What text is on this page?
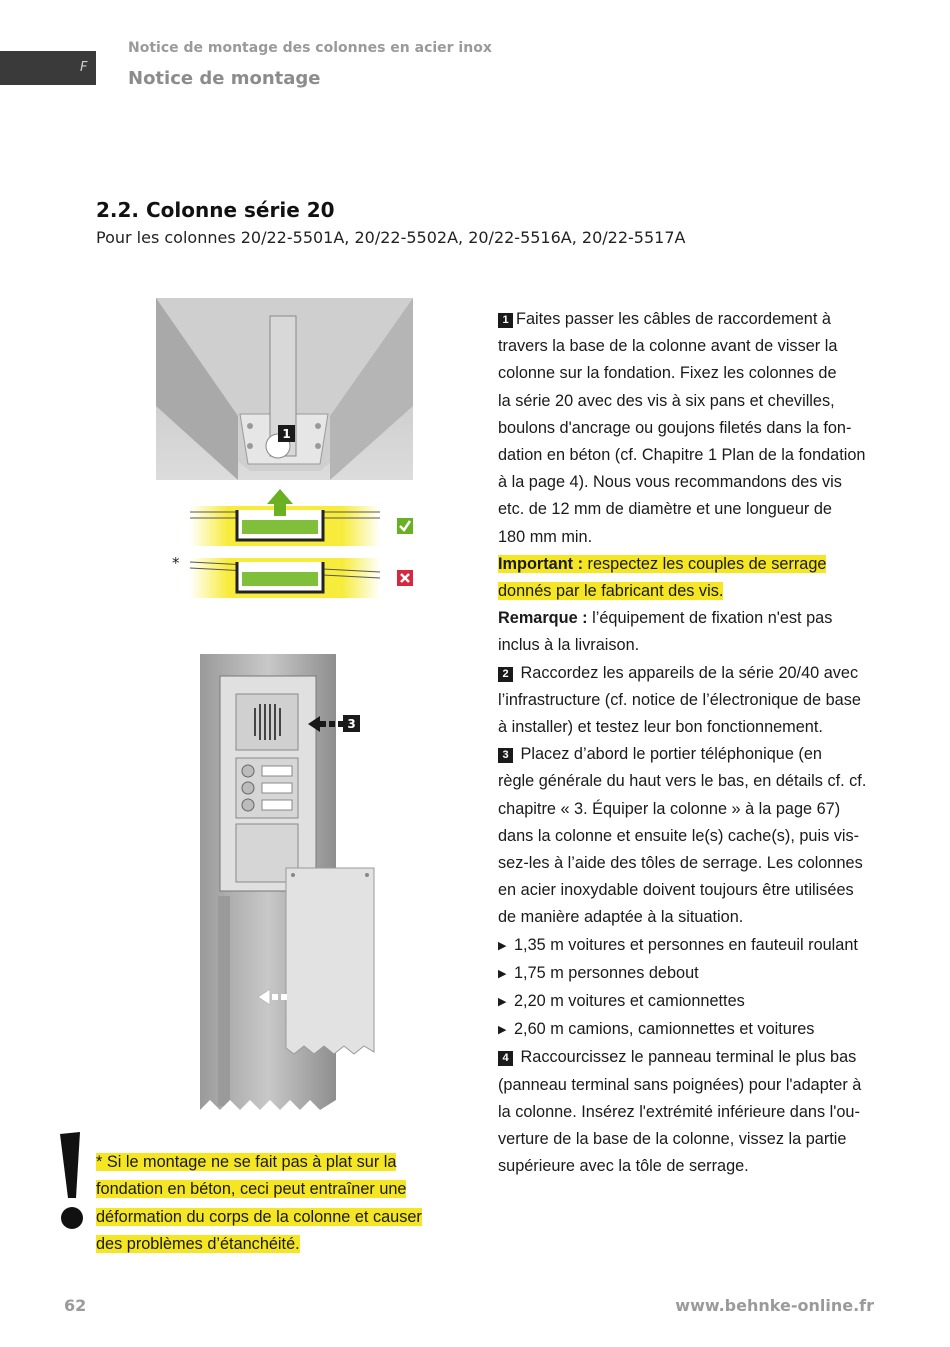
F
Notice de montage des colonnes en acier inox
Notice de montage
2.2. Colonne série 20
Pour les colonnes 20/22-5501A, 20/22-5502A, 20/22-5516A, 20/22-5517A
1
*
3
1 Faites passer les câbles de raccordement à
travers la base de la colonne avant de visser la
colonne sur la fondation. Fixez les colonnes de
la série 20 avec des vis à six pans et chevilles,
boulons d'ancrage ou goujons filetés dans la fon-
dation en béton (cf. Chapitre 1 Plan de la fondation
à la page 4). Nous vous recommandons des vis
etc. de 12 mm de diamètre et une longueur de
180 mm min.
Important : respectez les couples de serrage
donnés par le fabricant des vis.
Remarque : l’équipement de fixation n'est pas
inclus à la livraison.
2 Raccordez les appareils de la série 20/40 avec
l’infrastructure (cf. notice de l’électronique de base
à installer) et testez leur bon fonctionnement.
3 Placez d’abord le portier téléphonique (en
règle générale du haut vers le bas, en détails cf. cf.
chapitre « 3. Équiper la colonne » à la page 67)
dans la colonne et ensuite le(s) cache(s), puis vis-
sez-les à l’aide des tôles de serrage. Les colonnes
en acier inoxydable doivent toujours être utilisées
de manière adaptée à la situation.
▶ 1,35 m voitures et personnes en fauteuil roulant
▶ 1,75 m personnes debout
▶ 2,20 m voitures et camionnettes
▶ 2,60 m camions, camionnettes et voitures
4 Raccourcissez le panneau terminal le plus bas
(panneau terminal sans poignées) pour l'adapter à
la colonne. Insérez l'extrémité inférieure dans l'ou-
verture de la base de la colonne, vissez la partie
supérieure avec la tôle de serrage.
* Si le montage ne se fait pas à plat sur la
fondation en béton, ceci peut entraîner une
déformation du corps de la colonne et causer
des problèmes d’étanchéité.
62	www.behnke-online.fr
